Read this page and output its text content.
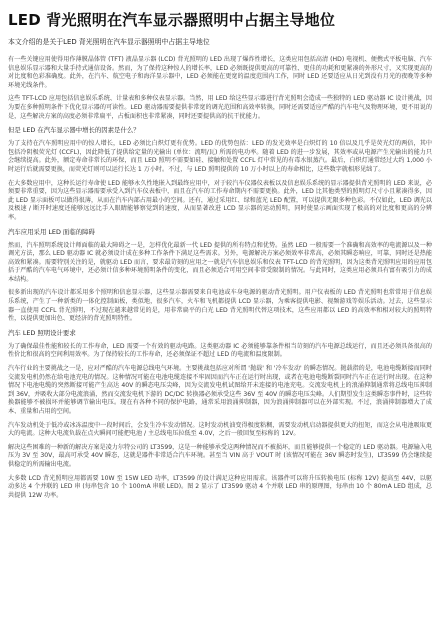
LED 背光照明在汽车显示器照明中占据主导地位

本文介绍的是关于LED 背光照明在汽车显示器照明中占据主导地位

有一些关键应用使得用作薄膜晶体管 (TFT) 液晶显示器 (LCD) 背光照明的 LED 出现了爆炸性增长，这类应用包括高清 (HD) 电视机、便携式平板电脑、汽车信息娱乐显示器和大量手持式通信设备。然而，为了保持这种惊人的增长率，LED 必须既提供更高的可靠性、更佳的功耗和更紧凑的外形尺寸，又实现更高的对比度和色彩准确度。此外，在汽车、航空电子和海洋显示器中，LED 必须能在更宽的温度范围内工作，同时 LED 还要适应从日光到没有月光的夜晚等多种环境光线条件。

这些 TFT-LCD 应用包括信息娱乐系统、计量表和多种仪表显示器。当然，用 LED 给这些显示器进行背光照明会造成一些独特的 LED 驱动器 IC 设计挑战，因为要在多种照明条件下优化显示器的可读性。LED 驱动器需要提供非常宽的调光范围和高效率转换，同时还需要适应严酷的汽车电气及物理环境，更不用说的是，这些解决方案的高度必须非常扁平，占板面积也非常紧凑，同时还要提供高的抗干扰能力。

但是 LED 在汽车显示器中增长的因素是什么？

为了支持在汽车照明应用中的惊人增长，LED 必须比白炽灯更有优势。LED 的优势包括：LED 的发光效率是白炽灯的 10 倍以及几乎是荧光灯的两倍，其中包括冷阴极荧光灯 (CCFL)，因此降低了提供给定量的光输出 (单位：流明/瓦) 所需的电功率。随着 LED 的进一步发展，其效率或从电源产生光输出的能力只会继续提高。此外，额定寿命非常长的环保，而且 LED 照明不需要如硅、接触和处置 CCFL 灯中常见的有毒水银蒸汽。最后，白炽灯通常经过大约 1,000 小时运行后就需要更换，而荧光灯则可以运行长达 1 万小时。不过，与 LED 照明提供的 10 万小时以上的寿命相比，这些数字就相形见绌了。

在大多数应用中，这种长运行寿命使 LED 能够永久性地嵌入到最终应用中，对于较汽车仪器仪表板以及信息娱乐系统的显示器提供背光照明的 LED 来说，必须要非常重要，因为这些显示器需要承受入到汽车仪表板中，而且在汽车的工作寿命期内不需要更换。此外，LED 比其他类型的照明灯尺寸小且紧凑得多，因此 LED 显示面板可以做得很薄，从而在汽车内部占用最小的空间。还有，通过采用红、绿和蓝光 LED 配置，可以提供无限多种色彩。不仅如此，LED 调光以及极速 / 断开时速度还能够远远比手入眼睛能够察觉到的速度，从而显著改进 LCD 显示器的运动照明，同时使显示画面实现了极高的对比度和更高的分辨率。

汽车应用采用 LED 面临的障碍

然而，汽车照明系统设计师面临的最大障碍之一是，怎样优化最新一代 LED 提供的所有特点和优势。虽然 LED 一般需要一个准确和高效率的电流源以及一种调光方法，那么 LED 驱动器 IC 就必须设计成在多种工作条件下满足这些需求。另外，电源解决方案必须效率非常高，必须其瞬态响应，可靠，同时还是热能高效和紧凑。需要特别关注的是，就驱动 LED 而言，要求最苛刻的应用之一就是汽车信息娱乐和仪表 TFT-LCD 的背光照明，因为这类背光照明应用的应用包括于严酷的汽车电气环境中，还必须计信多种环境照明条件的变化，而且必须适合可用空间非常受限制的情况。与此同时，这类应用必须具有富有吸引力的成本结构。

很多新出现的汽车设计都采用多个照明和信息显示器，这些显示器需要来自电池或车身电源的驱动背光照明。用户仪表板的 LED 背光照明也常常用于信息娱乐系统，产生了一种新类的一体化控制面板，类似地，很多汽车，火车和飞机都提供 LCD 显示器，为乘客提供电影、视频游戏等娱乐活动。过去，这些显示器一直使用 CCFL 背光照明，不过现在越来越常见的是，用非常扁平的白光 LED 背光照明代替这项技术，这些应用都以 LED 的高效率和相对较大的照明特性，以提供更加出色、更经济的背光照明特性。

汽车 LED 照明设计要求

为了确保最佳性能和较长的工作寿命，LED 需要一个有效的驱动电路。这类驱动器 IC 必须能够靠条件相当苛刻的汽车电源总线运行，而且还必须具备很高的性价比和很高的空间利用效率。为了保持较长的工作寿命，还必须保证不超过 LED 的电流和温度限制。

汽车行业的主要挑战之一是，应对严酷的汽车电源总线电气环境。主要挑战包括应对所谓 '抛载' 和 '冷车发动' 的瞬态情况。抛载指的是，电池电缆断接而同时交流发电机仍然在给电池充电的情况。这种情况可能在电池电缆连接不牢固因而汽车正在运行时出现，或者在电池电缆断裂同时汽车正在运行时出现。在这种情况下电池电缆的突然断接可能产生高达 40V 的瞬态电压尖峰，因为交流发电机试图给开未连接的电池充电。交流发电机上的浪涌抑制通常将总线电压抑制到 36V，并吸收大部分电流浪涌，然而交流发电机下游的 DC/DC 转换器必须承受这些 36V 至 40V 的瞬态电压尖峰。人们期望发生这类瞬态事件时，这些转换器能够不被损坏并能够调节输出电压。现在有各种不同的保护电路，通常采用浪涌抑制器，因为浪涌抑制器可以在外部实现。不过，浪涌抑制器增大了成本、重量和占用的空间。

汽车发动机处于低冷或冰冻温度中一段时间后，会发生冷车发动情况。这时发动机油变得极度粘稠，需要发动机启动器提供更大的扭矩，而这会从电池吸取更大的电流。这种大电流负载在点火瞬间可能把电池 / 主总线电压拉低至 4.0V，之后一般回复至标称的 12V。

解决这些困难的一种新的解决方案是凌力尔特公司的 LT3599，这是一种能够承受这两种情况而不被损坏，而且能够提供一个稳定的 LED 驱动器。电源输入电压为 3V 至 30V，最高可承受 40V 瞬态，这就是器件非常适合汽车环境。甚至当 VIN 高于 VOUT 时 (该情况可能在 36V 瞬态时发生)，LT3599 仍会继续提供稳定的所需输出电流。

大多数 LCD 背光照明应用都需要 10W 至 15W LED 功率，LT3599 的设计满足这种应用需求。该器件可以将升压转换电压 (标称 12V) 提高至 44V，以驱动多达 4 个并联的 LED 串 (每串包含 10 个 100mA 串联 LED)。图 2 显示了 LT3599 驱动 4 个并联 LED 串的原理图，每串由 10 个 80mA LED 组成，总共提供 12W 功率。
